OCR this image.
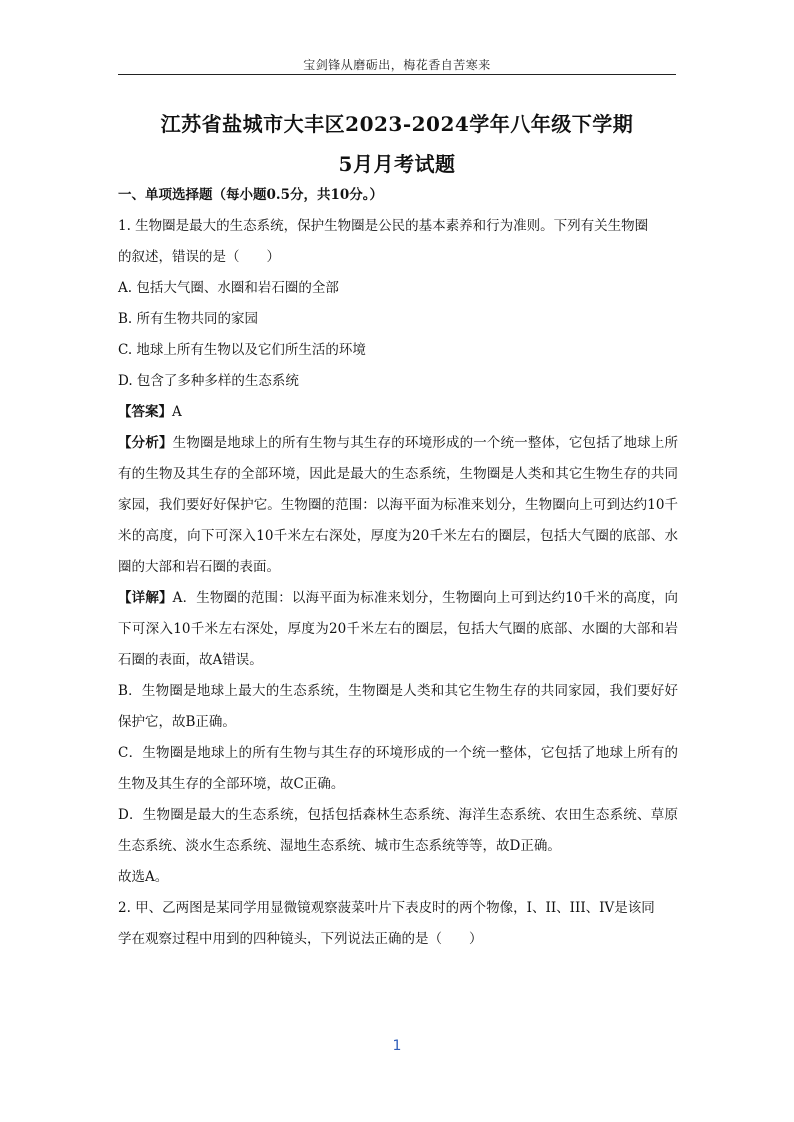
宝剑锋从磨砺出，梅花香自苦寒来
江苏省盐城市大丰区2023-2024学年八年级下学期
5月月考试题

一、单项选择题（每小题0.5分，共10分。）

1. 生物圈是最大的生态系统，保护生物圈是公民的基本素养和行为准则。下列有关生物圈
的叙述，错误的是（　　）

A. 包括大气圈、水圈和岩石圈的全部

B. 所有生物共同的家园

C. 地球上所有生物以及它们所生活的环境

D. 包含了多种多样的生态系统

【答案】A

【分析】生物圈是地球上的所有生物与其生存的环境形成的一个统一整体，它包括了地球上所有的生物及其生存的全部环境，因此是最大的生态系统，生物圈是人类和其它生物生存的共同家园，我们要好好保护它。生物圈的范围：以海平面为标准来划分，生物圈向上可到达约10千米的高度，向下可深入10千米左右深处，厚度为20千米左右的圈层，包括大气圈的底部、水圈的大部和岩石圈的表面。

【详解】A．生物圈的范围：以海平面为标准来划分，生物圈向上可到达约10千米的高度，向下可深入10千米左右深处，厚度为20千米左右的圈层，包括大气圈的底部、水圈的大部和岩石圈的表面，故A错误。

B．生物圈是地球上最大的生态系统，生物圈是人类和其它生物生存的共同家园，我们要好好保护它，故B正确。

C．生物圈是地球上的所有生物与其生存的环境形成的一个统一整体，它包括了地球上所有的生物及其生存的全部环境，故C正确。

D．生物圈是最大的生态系统，包括包括森林生态系统、海洋生态系统、农田生态系统、草原生态系统、淡水生态系统、湿地生态系统、城市生态系统等等，故D正确。

故选A。

2. 甲、乙两图是某同学用显微镜观察菠菜叶片下表皮时的两个物像，I、II、III、IV是该同
学在观察过程中用到的四种镜头，下列说法正确的是（　　）

1
